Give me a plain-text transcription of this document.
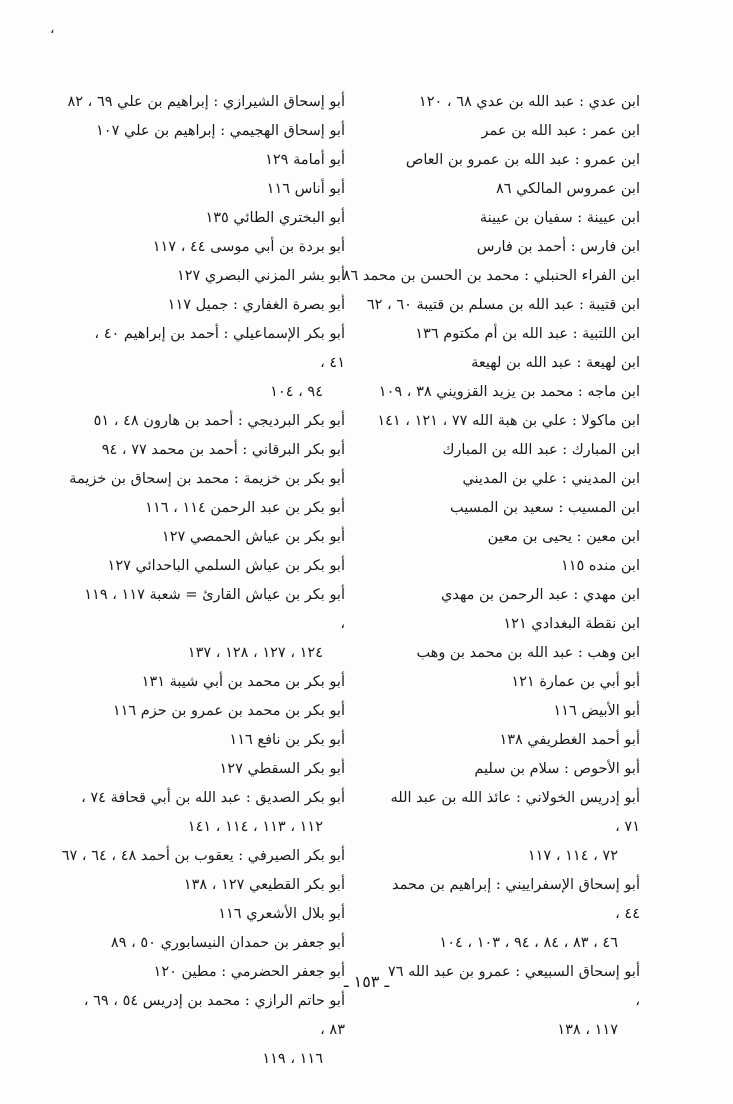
،
ابن عدي : عبد الله بن عدي ٦٨ ، ١٢٠
ابن عمر : عبد الله بن عمر
ابن عمرو : عبد الله بن عمرو بن العاص
ابن عمروس المالكي ٨٦
ابن عيينة : سفيان بن عيينة
ابن فارس : أحمد بن فارس
ابن الفراء الحنبلي : محمد بن الحسن بن محمد ٨٦
ابن قتيبة : عبد الله بن مسلم بن قتيبة ٦٠ ، ٦٢
ابن اللتبية : عبد الله بن أم مكتوم ١٣٦
ابن لهيعة : عبد الله بن لهيعة
ابن ماجه : محمد بن يزيد القزويني ٣٨ ، ١٠٩
ابن ماكولا : علي بن هبة الله ٧٧ ، ١٢١ ، ١٤١
ابن المبارك : عبد الله بن المبارك
ابن المديني : علي بن المديني
ابن المسيب : سعيد بن المسيب
ابن معين : يحيى بن معين
ابن منده ١١٥
ابن مهدي : عبد الرحمن بن مهدي
ابن نقطة البغدادي ١٢١
ابن وهب : عبد الله بن محمد بن وهب
أبو أبي بن عمارة ١٢١
أبو الأبيض ١١٦
أبو أحمد الغطريفي ١٣٨
أبو الأحوص : سلام بن سليم
أبو إدريس الخولاني : عائذ الله بن عبد الله ٧١ ،
٧٢ ، ١١٤ ، ١١٧
أبو إسحاق الإسفراييني : إبراهيم بن محمد ٤٤ ،
٤٦ ، ٨٣ ، ٨٤ ، ٩٤ ، ١٠٣ ، ١٠٤
أبو إسحاق السبيعي : عمرو بن عبد الله ٧٦ ،
١١٧ ، ١٣٨
أبو إسحاق الشيرازي : إبراهيم بن علي ٦٩ ، ٨٢
أبو إسحاق الهجيمي : إبراهيم بن علي ١٠٧
أبو أمامة ١٢٩
أبو أناس ١١٦
أبو البختري الطائي ١٣٥
أبو بردة بن أبي موسى ٤٤ ، ١١٧
أبو بشر المزني البصري ١٢٧
أبو بصرة الغفاري : جميل ١١٧
أبو بكر الإسماعيلي : أحمد بن إبراهيم ٤٠ ، ٤١ ،
٩٤ ، ١٠٤
أبو بكر البرديجي : أحمد بن هارون ٤٨ ، ٥١
أبو بكر البرقاني : أحمد بن محمد ٧٧ ، ٩٤
أبو بكر بن خزيمة : محمد بن إسحاق بن خزيمة
أبو بكر بن عبد الرحمن ١١٤ ، ١١٦
أبو بكر بن عياش الحمصي ١٢٧
أبو بكر بن عياش السلمي الباحدائي ١٢٧
أبو بكر بن عياش القارئ = شعبة ١١٧ ، ١١٩ ،
١٢٤ ، ١٢٧ ، ١٢٨ ، ١٣٧
أبو بكر بن محمد بن أبي شيبة ١٣١
أبو بكر بن محمد بن عمرو بن حزم ١١٦
أبو بكر بن نافع ١١٦
أبو بكر السقطي ١٢٧
أبو بكر الصديق : عبد الله بن أبي قحافة ٧٤ ،
١١٢ ، ١١٣ ، ١١٤ ، ١٤١
أبو بكر الصيرفي : يعقوب بن أحمد ٤٨ ، ٦٤ ، ٦٧
أبو بكر القطيعي ١٢٧ ، ١٣٨
أبو بلال الأشعري ١١٦
أبو جعفر بن حمدان النيسابوري ٥٠ ، ٨٩
أبو جعفر الحضرمي : مطين ١٢٠
أبو حاتم الرازي : محمد بن إدريس ٥٤ ، ٦٩ ، ٨٣ ،
١١٦ ، ١١٩
ـ ١٥٣ ـ
